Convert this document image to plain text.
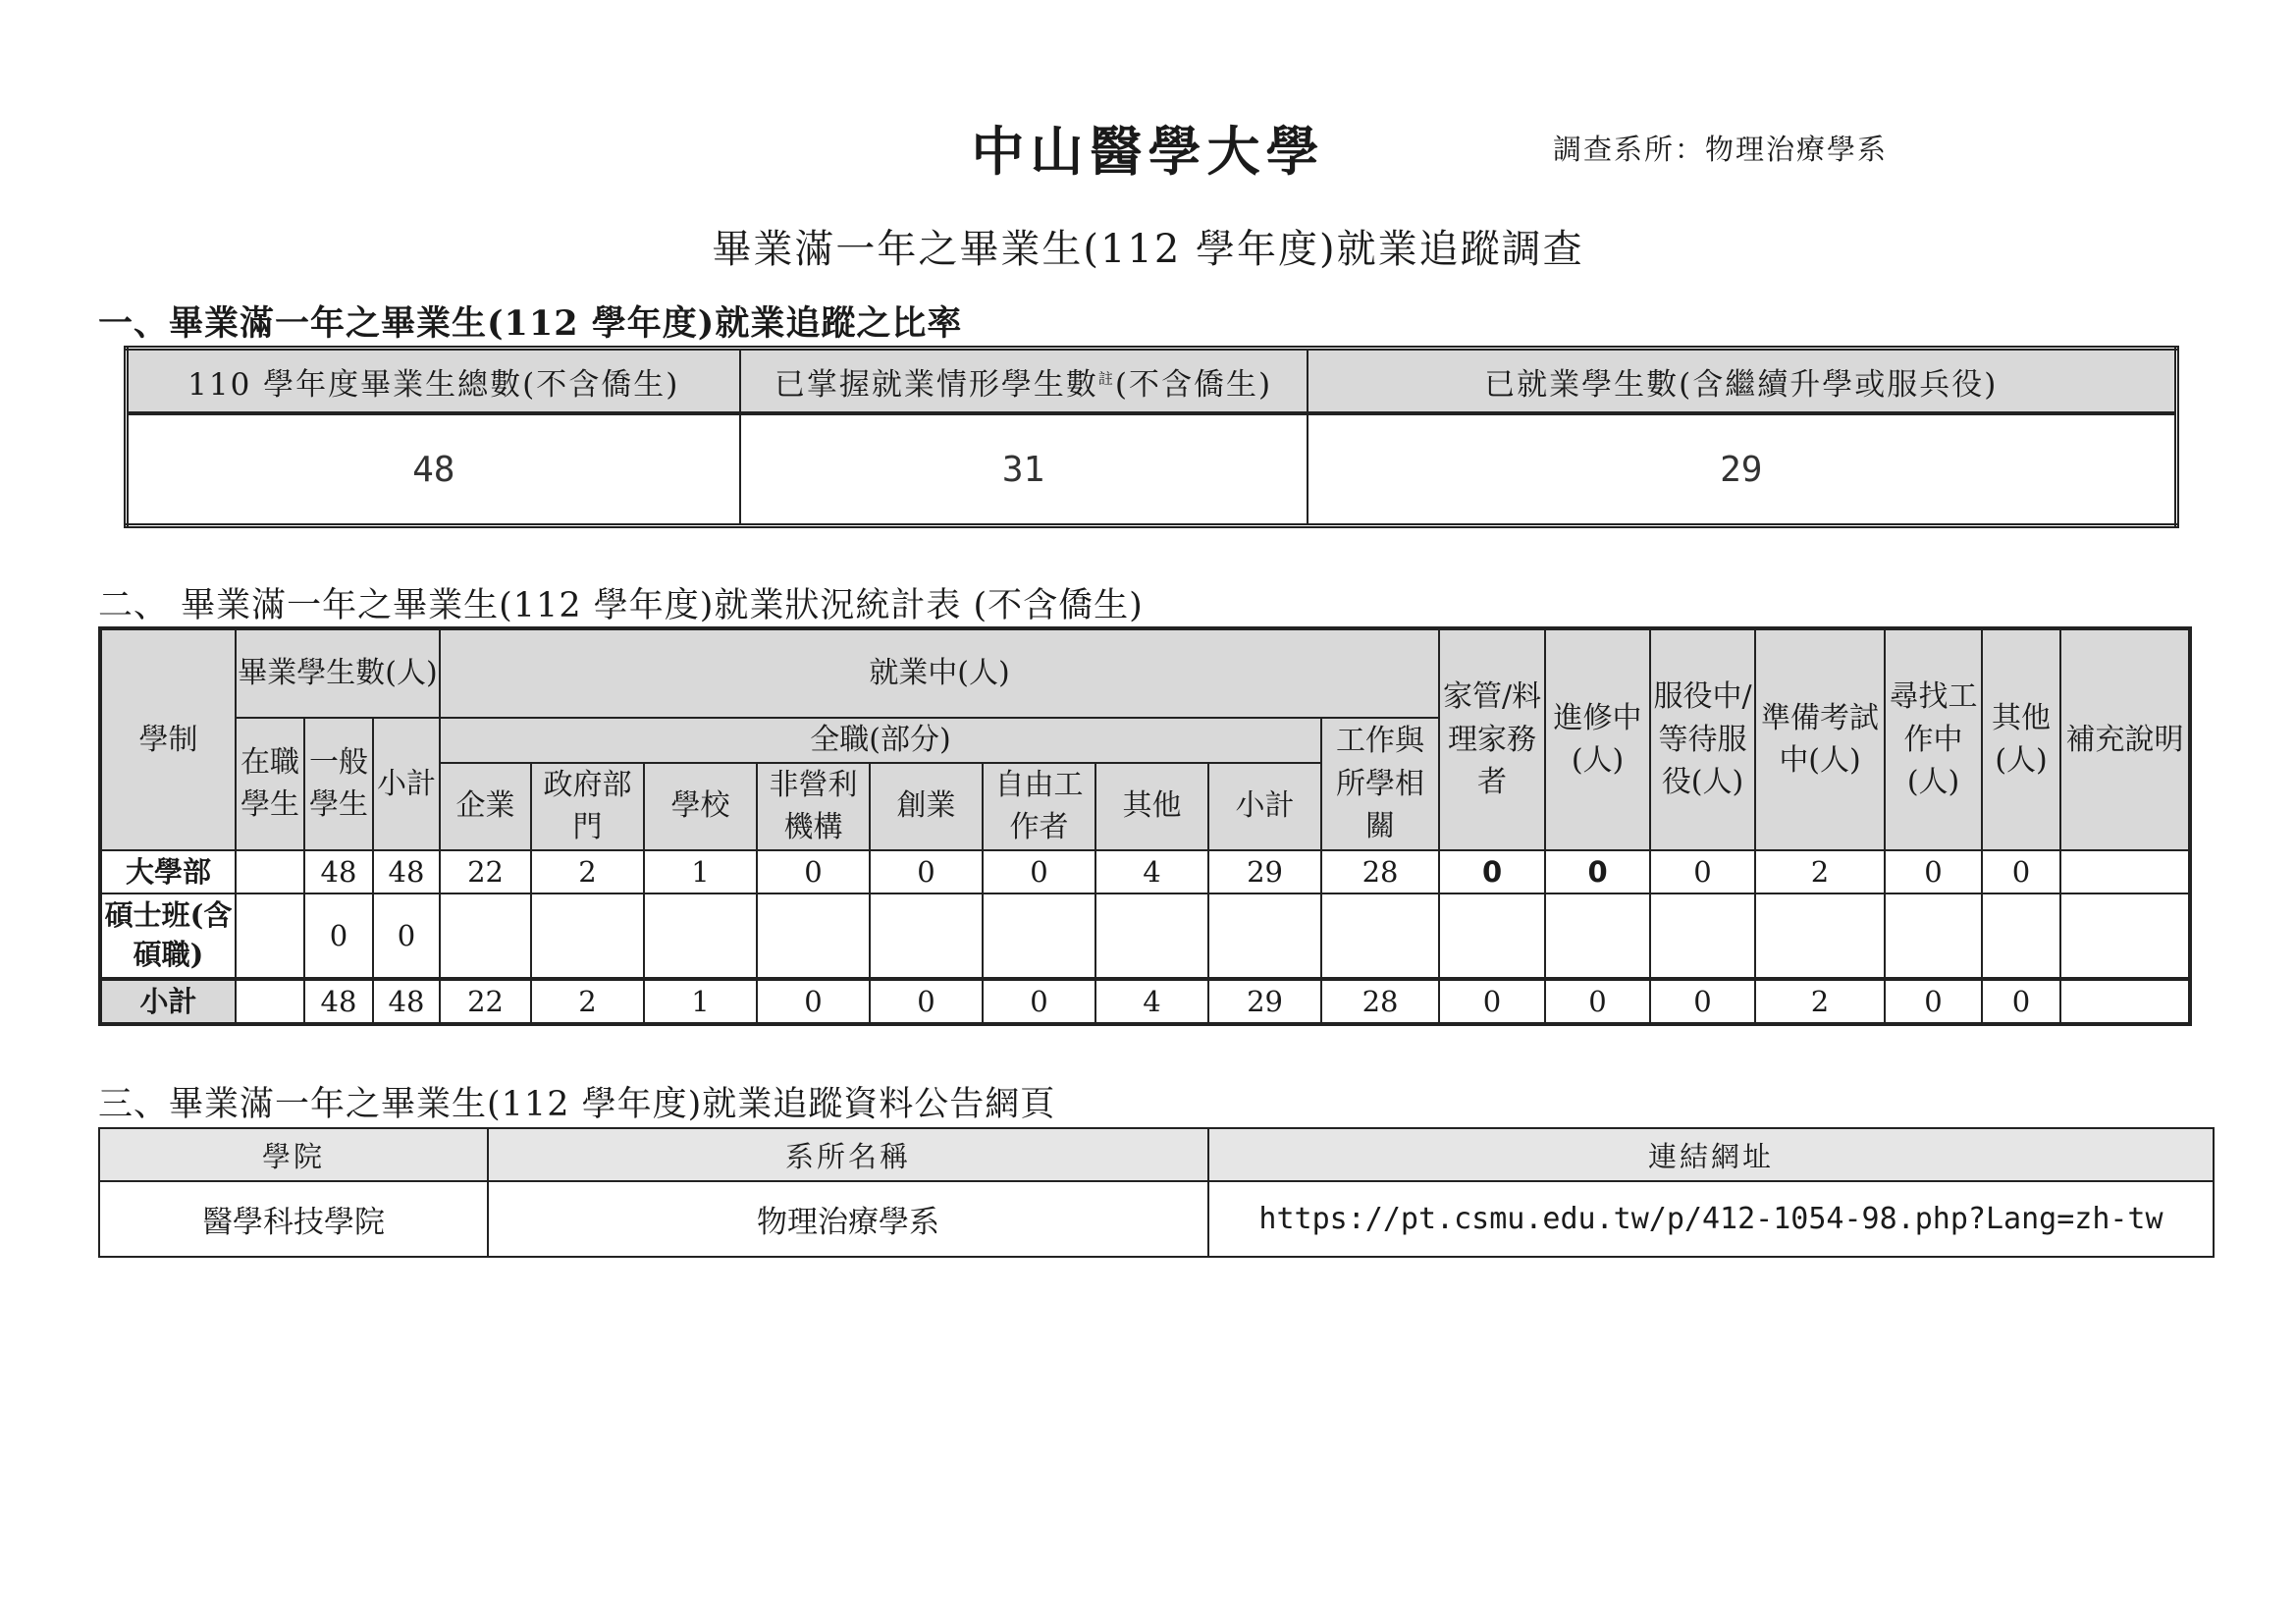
中山醫學大學	調查系所：物理治療學系
畢業滿一年之畢業生(112 學年度)就業追蹤調查
一、畢業滿一年之畢業生(112 學年度)就業追蹤之比率
110 學年度畢業生總數(不含僑生)	已掌握就業情形學生數$^註$(不含僑生)	已就業學生數(含繼續升學或服兵役)
48	31	29
二、 畢業滿一年之畢業生(112 學年度)就業狀況統計表 (不含僑生)
學制	畢業學生數(人)			就業中(人)									家管/料理家務者	進修中(人)	服役中/等待服役(人)	準備考試中(人)	尋找工作中(人)	其他(人)	補充說明
	在職學生	一般學生	小計	全職(部分)								工作與所學相關							
				企業	政府部門	學校	非營利機構	創業	自由工作者	其他	小計								
大學部		48	48	22	2	1	0	0	0	4	29	28	0	0	0	2	0	0	
碩士班(含碩職)		0	0																
小計		48	48	22	2	1	0	0	0	4	29	28	0	0	0	2	0	0	
三、畢業滿一年之畢業生(112 學年度)就業追蹤資料公告網頁
學院	系所名稱	連結網址
醫學科技學院	物理治療學系	https://pt.csmu.edu.tw/p/412-1054-98.php?Lang=zh-tw
